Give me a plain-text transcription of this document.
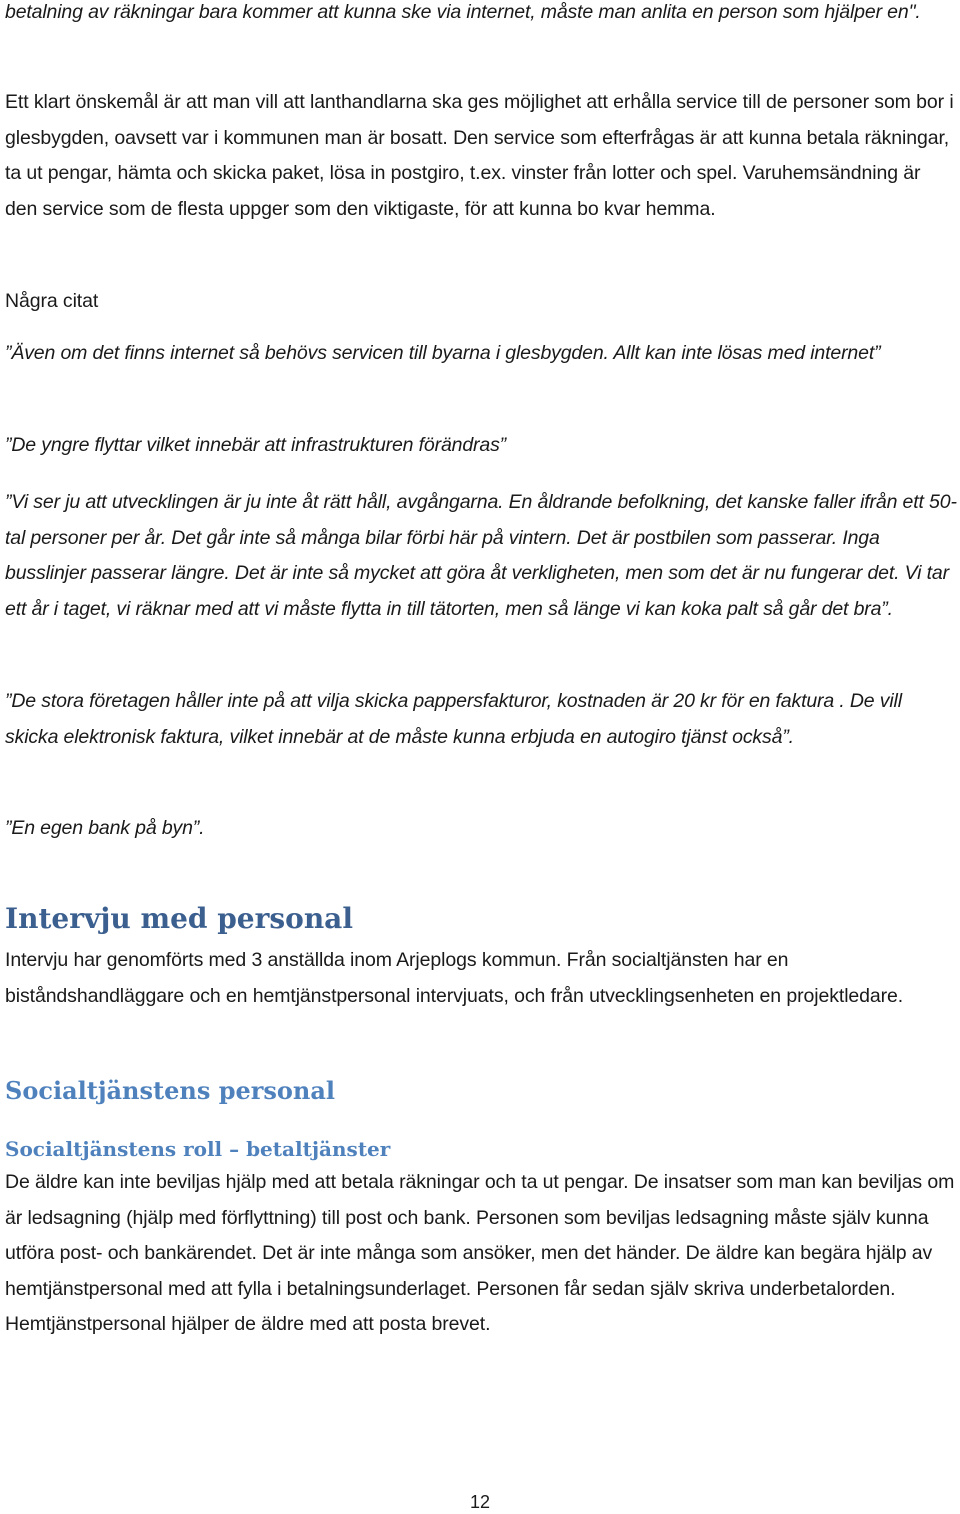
betalning av räkningar bara kommer att kunna ske via internet, måste man anlita en person som hjälper en".

Ett klart önskemål är att man vill att lanthandlarna ska ges möjlighet att erhålla service till de personer som bor i glesbygden, oavsett var i kommunen man är bosatt. Den service som efterfrågas är att kunna betala räkningar, ta ut pengar, hämta och skicka paket, lösa in postgiro, t.ex. vinster från lotter och spel. Varuhemsändning är den service som de flesta uppger som den viktigaste, för att kunna bo kvar hemma.

Några citat

”Även om det finns internet så behövs servicen till byarna i glesbygden. Allt kan inte lösas med internet”

”De yngre flyttar vilket innebär att infrastrukturen förändras”

”Vi ser ju att utvecklingen är ju inte åt rätt håll, avgångarna. En åldrande befolkning, det kanske faller ifrån ett 50-tal personer per år. Det går inte så många bilar förbi här på vintern. Det är postbilen som passerar. Inga busslinjer passerar längre. Det är inte så mycket att göra åt verkligheten, men som det är nu fungerar det. Vi tar ett år i taget, vi räknar med att vi måste flytta in till tätorten, men så länge vi kan koka palt så går det bra”.

”De stora företagen håller inte på att vilja skicka pappersfakturor, kostnaden är 20 kr för en faktura . De vill skicka elektronisk faktura, vilket innebär at de måste kunna erbjuda en autogiro tjänst också”.

”En egen bank på byn”.

Intervju med personal

Intervju har genomförts med 3 anställda inom Arjeplogs kommun. Från socialtjänsten har en biståndshandläggare och en hemtjänstpersonal intervjuats, och från utvecklingsenheten en projektledare.

Socialtjänstens personal
Socialtjänstens roll – betaltjänster

De äldre kan inte beviljas hjälp med att betala räkningar och ta ut pengar. De insatser som man kan beviljas om är ledsagning (hjälp med förflyttning) till post och bank. Personen som beviljas ledsagning måste själv kunna utföra post- och bankärendet. Det är inte många som ansöker, men det händer. De äldre kan begära hjälp av hemtjänstpersonal med att fylla i betalningsunderlaget. Personen får sedan själv skriva underbetalorden. Hemtjänstpersonal hjälper de äldre med att posta brevet.

12
